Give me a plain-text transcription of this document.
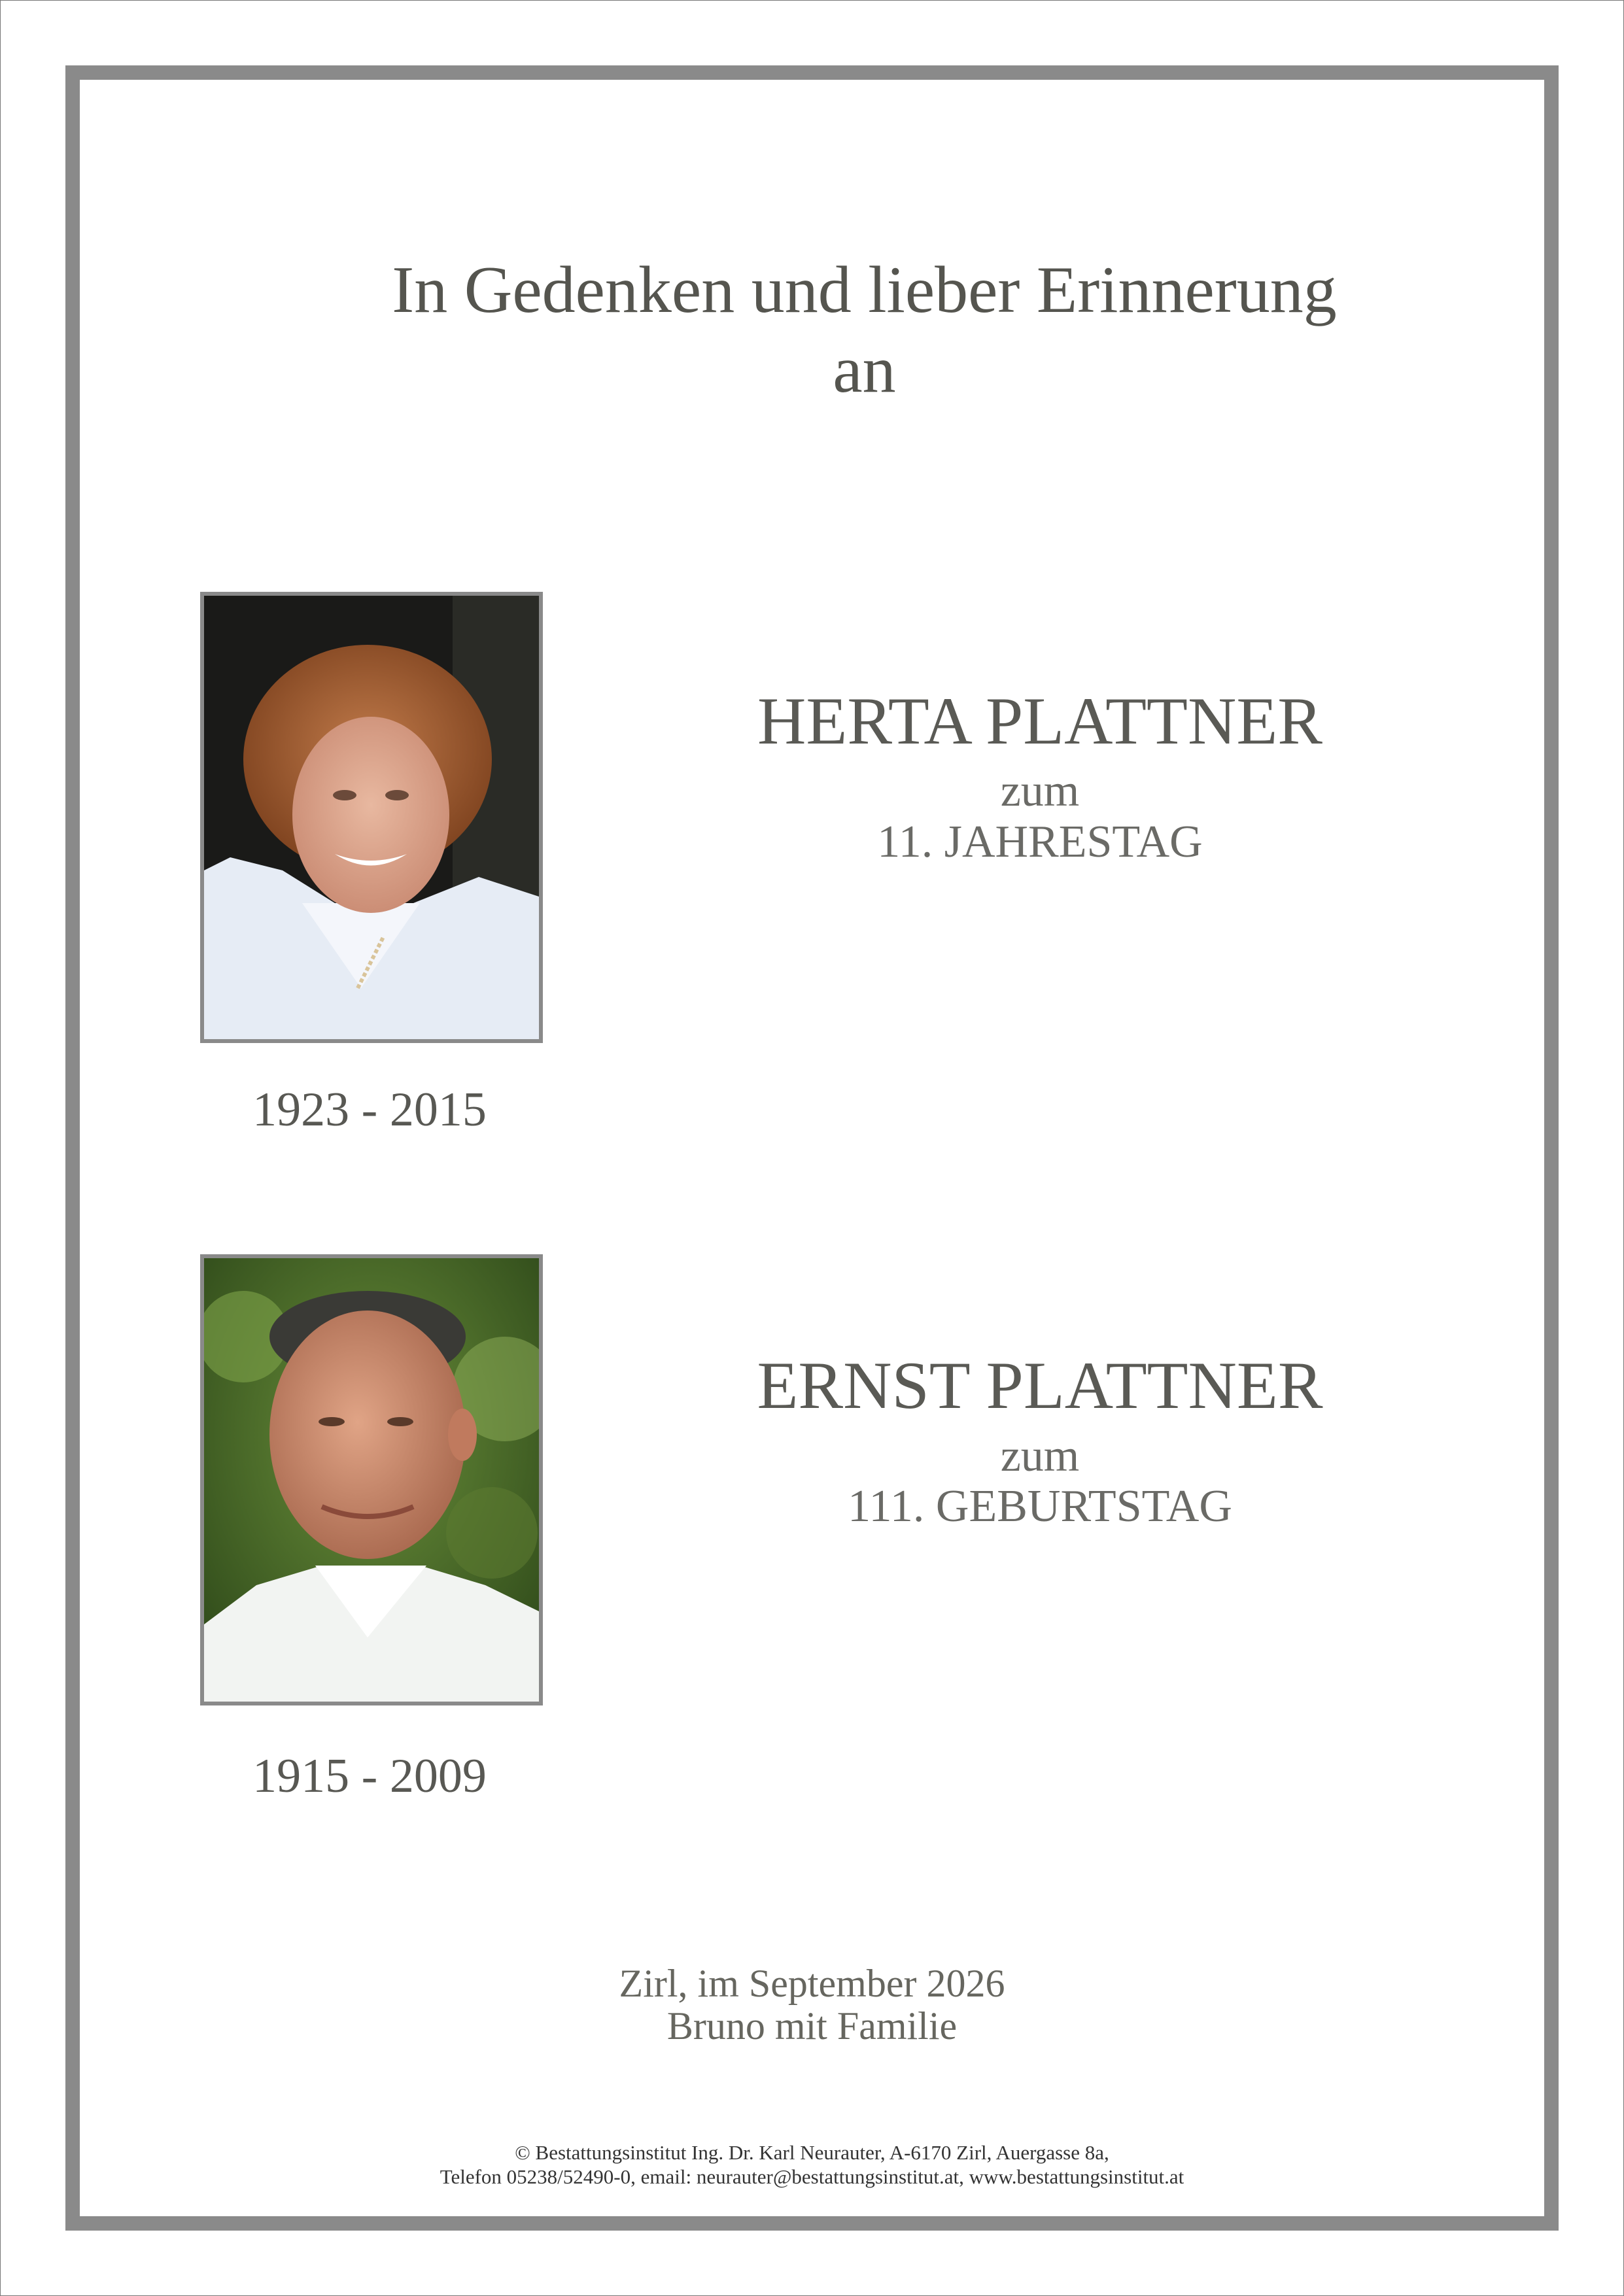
In Gedenken und lieber Erinnerung
an
HERTA PLATTNER
zum
11. JAHRESTAG
1923 - 2015
ERNST PLATTNER
zum
111. GEBURTSTAG
1915 - 2009
Zirl, im September 2026
Bruno mit Familie
© Bestattungsinstitut Ing. Dr. Karl Neurauter, A-6170 Zirl, Auergasse 8a,
Telefon 05238/52490-0, email: neurauter@bestattungsinstitut.at, www.bestattungsinstitut.at
